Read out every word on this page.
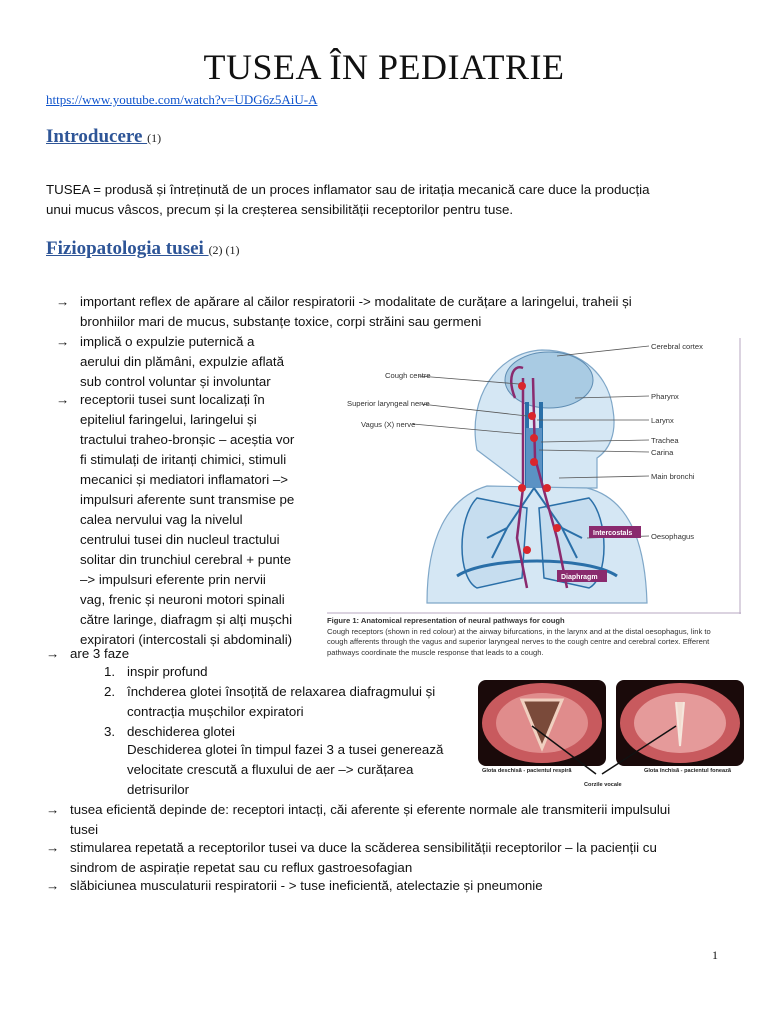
TUSEA ÎN PEDIATRIE
https://www.youtube.com/watch?v=UDG6z5AiU-A
Introducere (1)
TUSEA = produsă și întreținută de un proces inflamator sau de iritația mecanică care duce la producția
unui mucus vâscos, precum și la creșterea sensibilității receptorilor pentru tuse.
Fiziopatologia tusei (2) (1)
→ important reflex de apărare al căilor respiratorii -> modalitate de curățare a laringelui, traheii și
bronhiilor mari de mucus, substanțe toxice, corpi străini sau germeni
→ implică o expulzie puternică a
aerului din plămâni, expulzie aflată
sub control voluntar și involuntar
→ receptorii tusei sunt localizați în
epiteliul faringelui, laringelui și
tractului traheo-bronșic – aceștia vor
fi stimulați de iritanți chimici, stimuli
mecanici și mediatori inflamatori –>
impulsuri aferente sunt transmise pe
calea nervului vag la nivelul
centrului tusei din nucleul tractului
solitar din trunchiul cerebral + punte
–> impulsuri eferente prin nervii
vag, frenic și neuroni motori spinali
către laringe, diafragm și alți mușchi
expiratori (intercostali și abdominali)
→ are 3 faze
1. inspir profund
2. închderea glotei însoțită de relaxarea diafragmului și
contracția mușchilor expiratori
3. deschiderea glotei
Deschiderea glotei în timpul fazei 3 a tusei generează
velocitate crescută a fluxului de aer –> curățarea
detrisurilor
→ tusea eficientă depinde de: receptori intacți, căi aferente și eferente normale ale transmiterii impulsului
tusei
→ stimularea repetată a receptorilor tusei va duce la scăderea sensibilității receptorilor – la pacienții cu
sindrom de aspirație repetat sau cu reflux gastroesofagian
→ slăbiciunea musculaturii respiratorii - > tuse ineficientă, atelectazie și pneumonie
Cerebral cortex
Cough centre
Pharynx
Superior laryngeal nerve
Larynx
Vagus (X) nerve
Trachea
Carina
Main bronchi
Oesophagus
Intercostals
Diaphragm
Figure 1: Anatomical representation of neural pathways for cough
Cough receptors (shown in red colour) at the airway bifurcations, in the larynx and at the distal oesophagus, link to
cough afferents through the vagus and superior laryngeal nerves to the cough centre and cerebral cortex. Efferent
pathways coordinate the muscle response that leads to a cough.
Glota deschisă - pacientul respiră	Glota închisă - pacientul fonează
Corzile vocale
1
